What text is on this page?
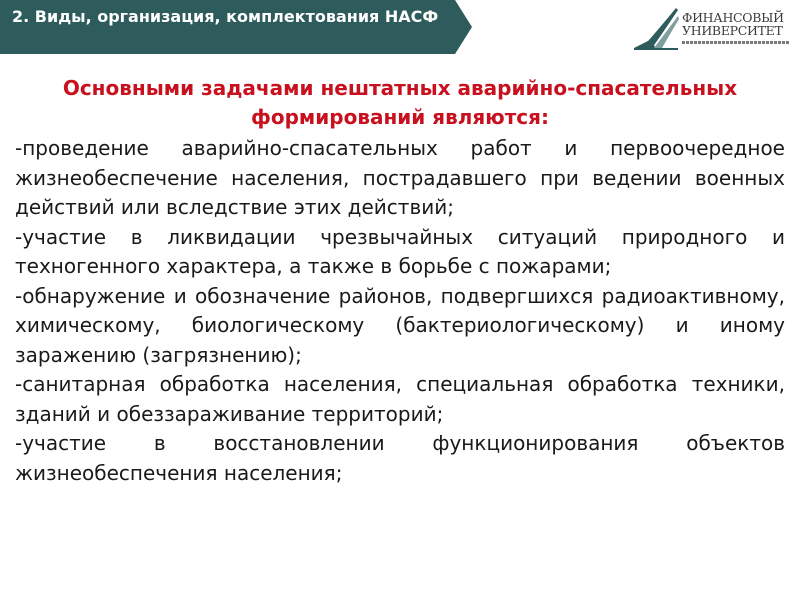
2. Виды, организация, комплектования НАСФ	ФИНАНСОВЫЙ УНИВЕРСИТЕТ
Основными задачами нештатных аварийно-спасательных формирований являются:

-проведение аварийно-спасательных работ и первоочередное жизнеобеспечение населения, пострадавшего при ведении военных действий или вследствие этих действий;

-участие в ликвидации чрезвычайных ситуаций природного и техногенного характера, а также в борьбе с пожарами;

-обнаружение и обозначение районов, подвергшихся радиоактивному, химическому, биологическому (бактериологическому) и иному заражению (загрязнению);

-санитарная обработка населения, специальная обработка техники, зданий и обеззараживание территорий;

-участие в восстановлении функционирования объектов жизнеобеспечения населения;
